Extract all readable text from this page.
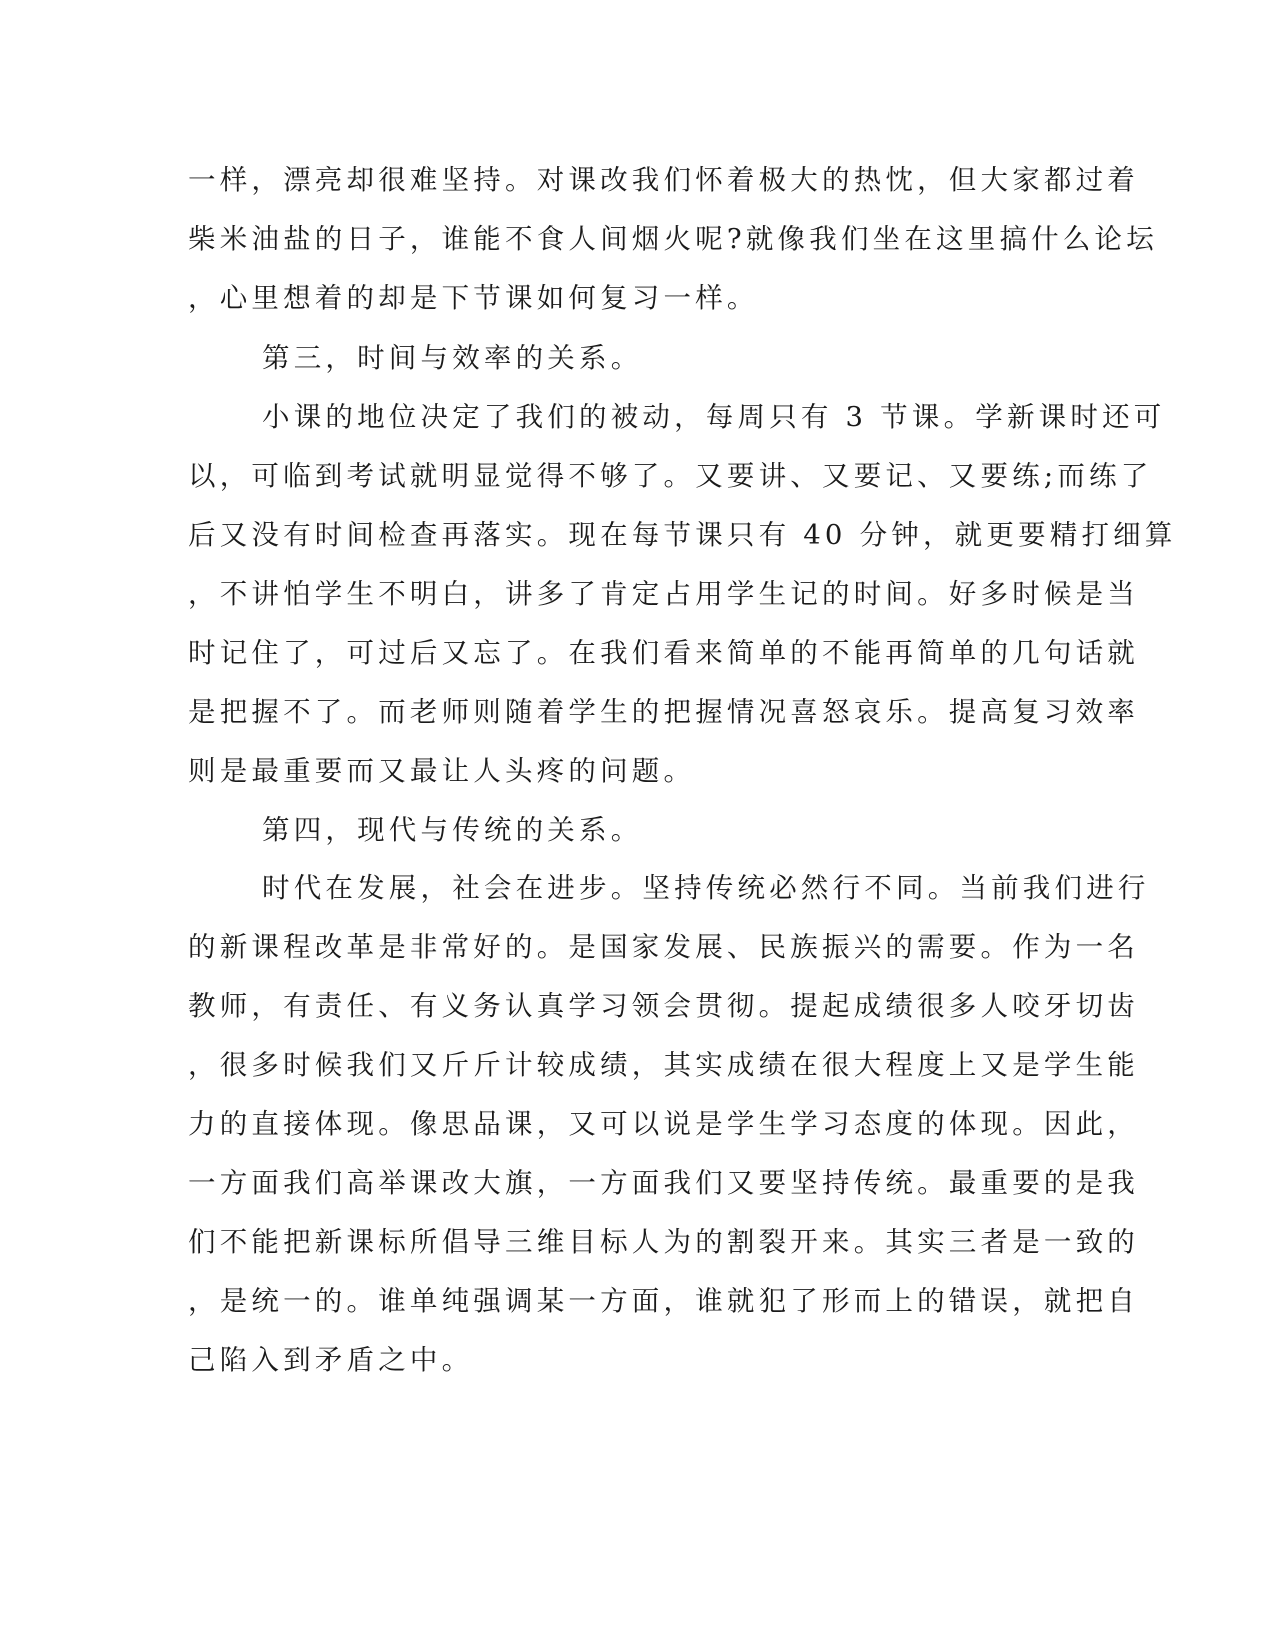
一样，漂亮却很难坚持。对课改我们怀着极大的热忱，但大家都过着
柴米油盐的日子，谁能不食人间烟火呢?就像我们坐在这里搞什么论坛
，心里想着的却是下节课如何复习一样。
第三，时间与效率的关系。
小课的地位决定了我们的被动，每周只有 3 节课。学新课时还可
以，可临到考试就明显觉得不够了。又要讲、又要记、又要练;而练了
后又没有时间检查再落实。现在每节课只有 40 分钟，就更要精打细算
，不讲怕学生不明白，讲多了肯定占用学生记的时间。好多时候是当
时记住了，可过后又忘了。在我们看来简单的不能再简单的几句话就
是把握不了。而老师则随着学生的把握情况喜怒哀乐。提高复习效率
则是最重要而又最让人头疼的问题。
第四，现代与传统的关系。
时代在发展，社会在进步。坚持传统必然行不同。当前我们进行
的新课程改革是非常好的。是国家发展、民族振兴的需要。作为一名
教师，有责任、有义务认真学习领会贯彻。提起成绩很多人咬牙切齿
，很多时候我们又斤斤计较成绩，其实成绩在很大程度上又是学生能
力的直接体现。像思品课，又可以说是学生学习态度的体现。因此，
一方面我们高举课改大旗，一方面我们又要坚持传统。最重要的是我
们不能把新课标所倡导三维目标人为的割裂开来。其实三者是一致的
，是统一的。谁单纯强调某一方面，谁就犯了形而上的错误，就把自
己陷入到矛盾之中。
